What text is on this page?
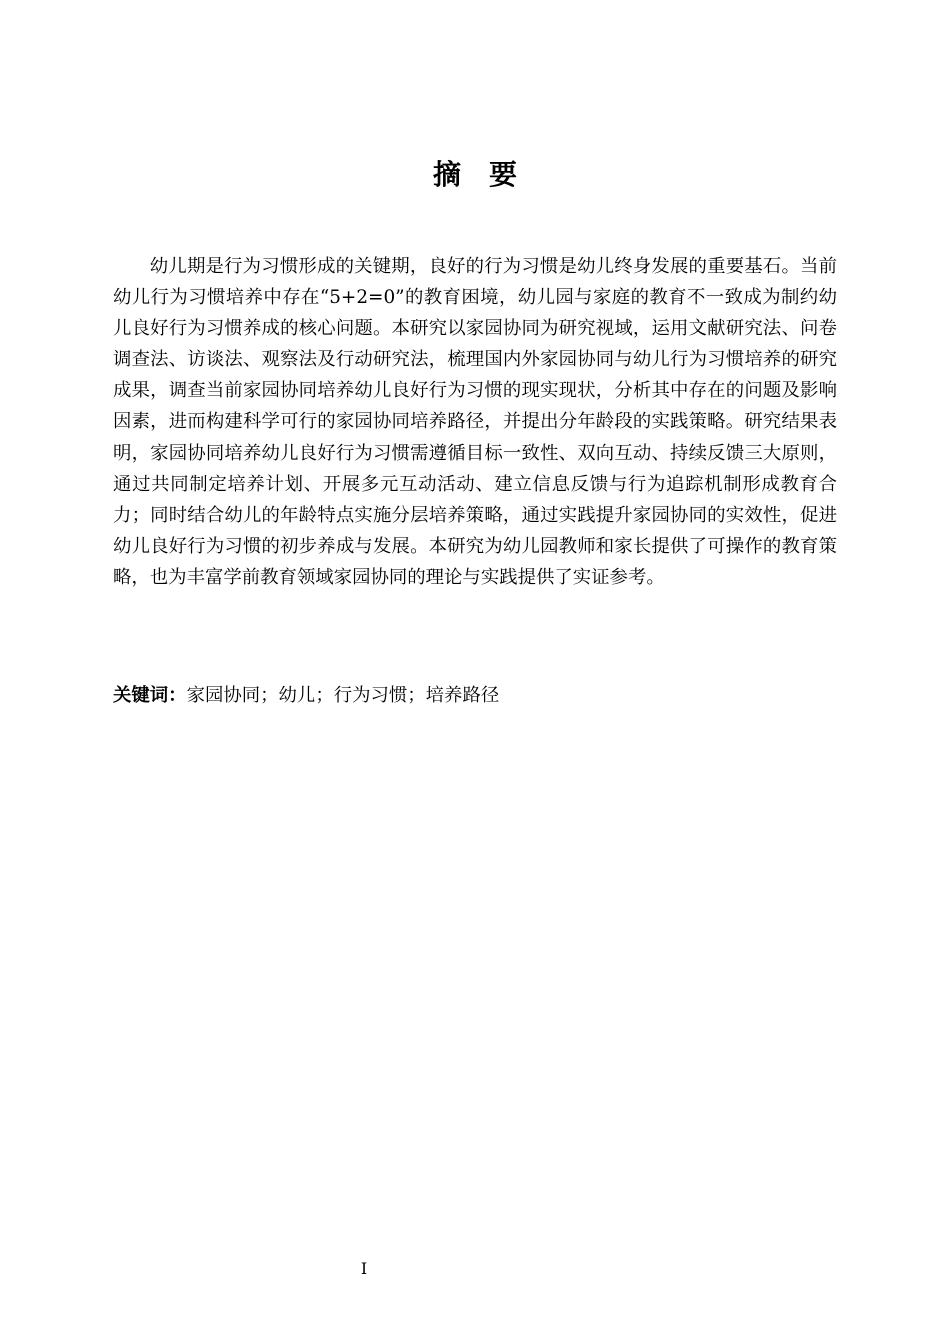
摘 要

幼儿期是行为习惯形成的关键期，良好的行为习惯是幼儿终身发展的重要基石。当前幼儿行为习惯培养中存在“5+2=0”的教育困境，幼儿园与家庭的教育不一致成为制约幼儿良好行为习惯养成的核心问题。本研究以家园协同为研究视域，运用文献研究法、问卷调查法、访谈法、观察法及行动研究法，梳理国内外家园协同与幼儿行为习惯培养的研究成果，调查当前家园协同培养幼儿良好行为习惯的现实现状，分析其中存在的问题及影响因素，进而构建科学可行的家园协同培养路径，并提出分年龄段的实践策略。研究结果表明，家园协同培养幼儿良好行为习惯需遵循目标一致性、双向互动、持续反馈三大原则，通过共同制定培养计划、开展多元互动活动、建立信息反馈与行为追踪机制形成教育合力；同时结合幼儿的年龄特点实施分层培养策略，通过实践提升家园协同的实效性，促进幼儿良好行为习惯的初步养成与发展。本研究为幼儿园教师和家长提供了可操作的教育策略，也为丰富学前教育领域家园协同的理论与实践提供了实证参考。

关键词：家园协同；幼儿；行为习惯；培养路径

I
